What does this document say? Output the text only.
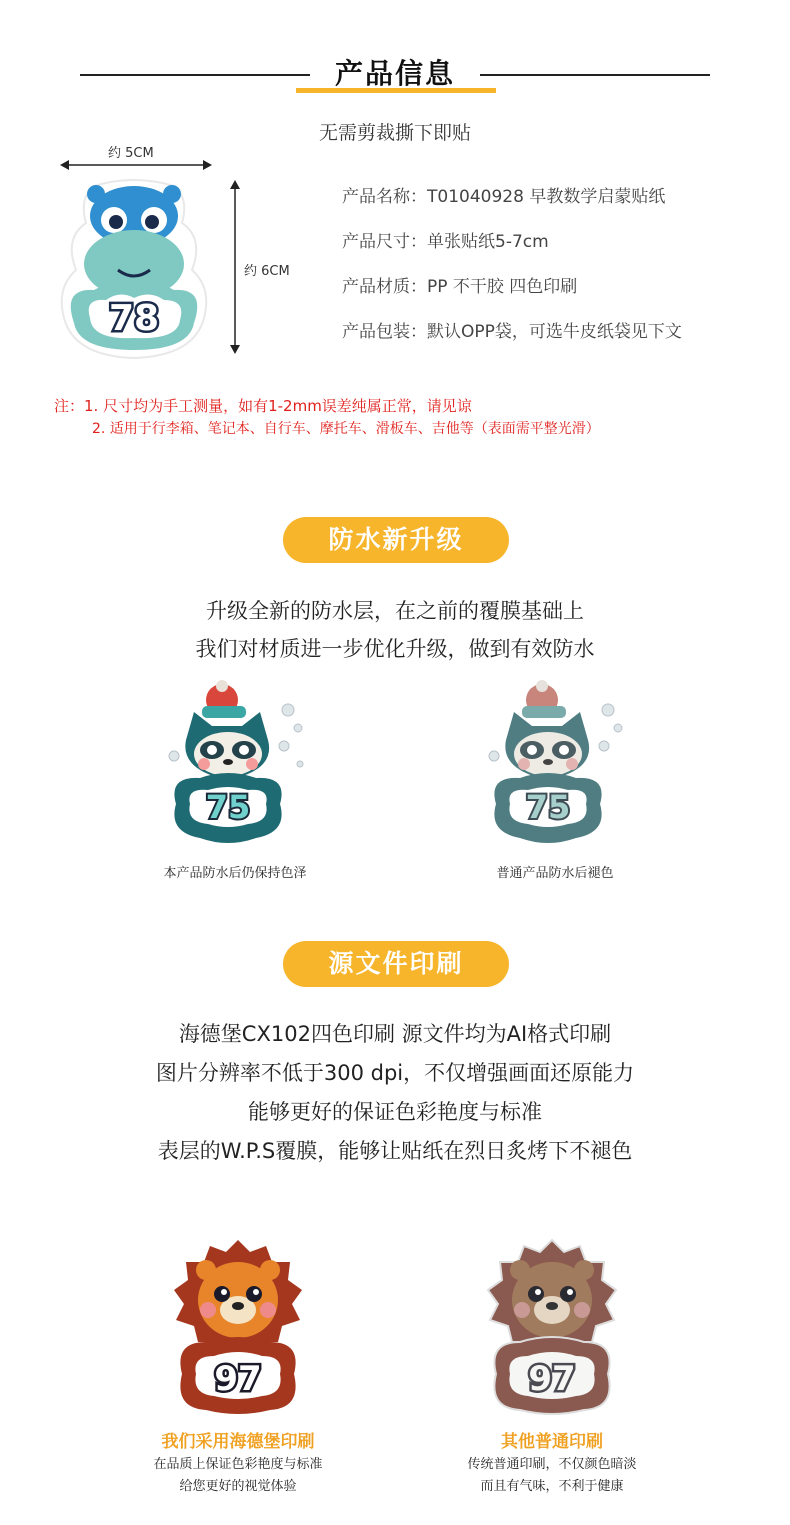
产品信息
无需剪裁撕下即贴
约 5CM
约 6CM
78
产品名称：T01040928 早教数学启蒙贴纸
产品尺寸：单张贴纸5-7cm
产品材质：PP 不干胶 四色印刷
产品包装：默认OPP袋，可选牛皮纸袋见下文
注：1. 尺寸均为手工测量，如有1-2mm误差纯属正常，请见谅
2. 适用于行李箱、笔记本、自行车、摩托车、滑板车、吉他等（表面需平整光滑）
防水新升级
升级全新的防水层，在之前的覆膜基础上
我们对材质进一步优化升级，做到有效防水
75
本产品防水后仍保持色泽
75
普通产品防水后褪色
源文件印刷
海德堡CX102四色印刷 源文件均为AI格式印刷
图片分辨率不低于300 dpi，不仅增强画面还原能力
能够更好的保证色彩艳度与标准
表层的W.P.S覆膜，能够让贴纸在烈日炙烤下不褪色
97
我们采用海德堡印刷
在品质上保证色彩艳度与标准
给您更好的视觉体验
97
其他普通印刷
传统普通印刷，不仅颜色暗淡
而且有气味，不利于健康
